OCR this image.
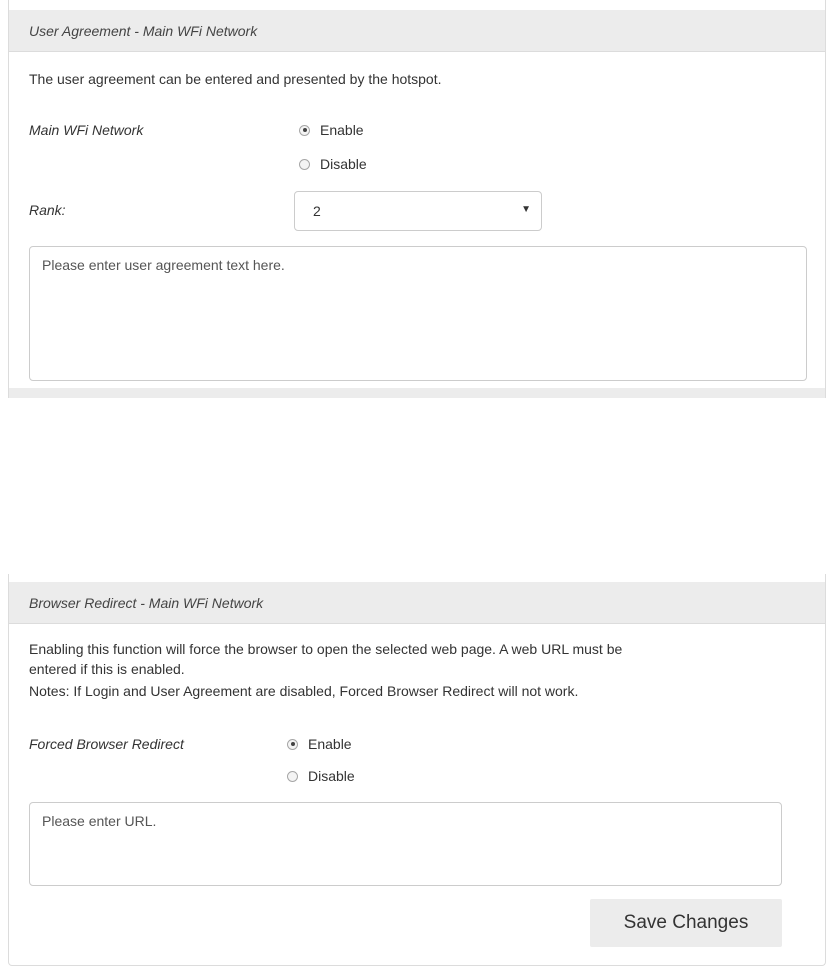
User Agreement - Main WFi Network
The user agreement can be entered and presented by the hotspot.
Main WFi Network	Enable
Disable
Rank:	2	▼
Please enter user agreement text here.
Browser Redirect - Main WFi Network
Enabling this function will force the browser to open the selected web page. A web URL must be
entered if this is enabled.
Notes: If Login and User Agreement are disabled, Forced Browser Redirect will not work.
Forced Browser Redirect	Enable
Disable
Please enter URL.
Save Changes
